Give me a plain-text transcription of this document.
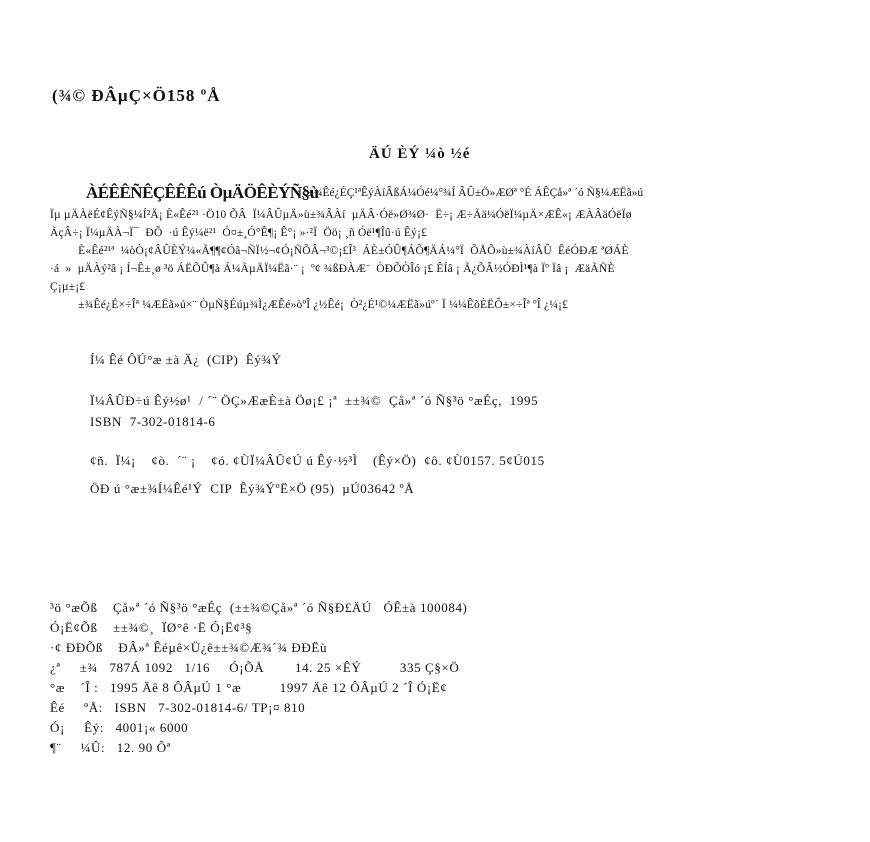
(¾© ÐÂµÇ×Ö158 ºÅ
ÄÚ ÈÝ ¼ò ½é
ÀÉÊÊÑÊÇÊÊÊú ÒµÄÖÊÈÝÑ§ù
¡¸ ±¾Êé¿ÉÇ¹ªÊýÀíÂßÁ¼Óé¼°¾Í ÂÛ±Ö»ÆØª °É ÁÊÇå»ª ´ó Ñ§¼ÆËã»ú
Ïµ µÄÀëÉ¢ÊýÑ§¼Í²Ä¡ È«Êé²¹ ·Ö10 ÕÂ  Ï¼ÂÛµÄ»ù±¾ÂÀí  µÄÂ·Óë»Ø¾Ø·  Ë÷¡ Æ÷Ãä¼ÓëÏ¼µÄ×ÆÊ«¡ ÆÀÂäÓëÏø
ÃçÂ÷¡ Ï¼µÄÀ¬Ï¯  ÐÕ  ·ú Êý¼ë²¹  Ó¤±¸Ó°Ê¶¡ Ê°¡ »·²Ï  Öö¡ ¸ñ Óë¹¶Îû·ú Êý¡£
È«Êé²¹ª  ¼òÒ¡¢ÂÛÈÝ¼«Ã¶¶¢Óã¬ÑÏ½¬¢Ó¡ÑÕÂ¬³©¡£Î³  ÁÈ±ÓÛ¶ÁÕ¶ÄÁ¼°Ï  ÕÅÕ»ù±¾ÀíÂÛ  ÊéÓÐÆ ªØÁÈ
·á  »  µÄÀý²â ¡ Í¬Ê±¸ø ³ö ÁËÕÛ¶à Á¼ÃµÄÏ¼Ëã·¨ ¡  º¢ ¾ßÐÀÆ¨  ÒÐÕÒÎó ¡£ ÊÍâ ¡ Ã¿ÕÂ½ÓÐÌ¹¶à Ïº Ïâ ¡  ÆäÃÑÈ
Ç¡µ±¡£
±¾Êé¿É×÷Îª ¼ÆËã»ú×¨ ÒµÑ§Éúµ¾Ì¿ÆÊé»òºÎ ¿½Êé¡  Ò²¿É¹©¼ÆËã»úº´ Ï ¼¼ÊõÈËÔ±×÷Îª ºÎ ¿¼¡£
Í¼ Êé ÔÚ°æ ±à Ä¿  (CIP)  Êý¾Ý
Ï¼ÂÛÐ÷ú Êý½ø¹  / ´¨ ÖÇ»ÆæÈ±à Öø¡£ ¡ª  ±±¾©  Çå»ª ´ó Ñ§³ö °æÉç,  1995
ISBN  7-302-01814-6
¢ñ.  Ï¼¡    ¢ò.  ´¨ ¡    ¢ó. ¢ÙÏ¼ÂÛ¢Ú ú Êý·½³Ì    (Êý×Ö)  ¢ô. ¢Ù0157. 5¢Ú015
ÖÐ ú °æ±¾Í¼Êé¹Ý  CIP  Êý¾ÝºË×Ö (95)  µÚ03642 ºÅ
³ö °æÕß    Çå»ª ´ó Ñ§³ö °æÉç  (±±¾©Çå»ª ´ó Ñ§Ð£ÄÚ   ÓÊ±à 100084)
Ó¡Ë¢Õß    ±±¾©¸  ÏØ°ê ·Ë Ó¡Ë¢³§
·¢ ÐÐÕß    ÐÂ»ª Êéµê×Ü¿ê±±¾©Æ¾´¾ ÐÐËù
¿ª     ±¾   787Á 1092   1/16     Ó¡ÕÅ        14. 25 ×ÊÝ          335 Ç§×Ö
°æ    ´Î :   1995 Äê 8 ÔÂµÚ 1 °æ          1997 Äê 12 ÔÂµÚ 2 ´Î Ó¡Ë¢
Êé     ºÅ:   ISBN   7-302-01814-6/ TP¡¤ 810
Ó¡     Êý:   4001¡« 6000
¶¨     ¼Û:   12. 90 Ôª
